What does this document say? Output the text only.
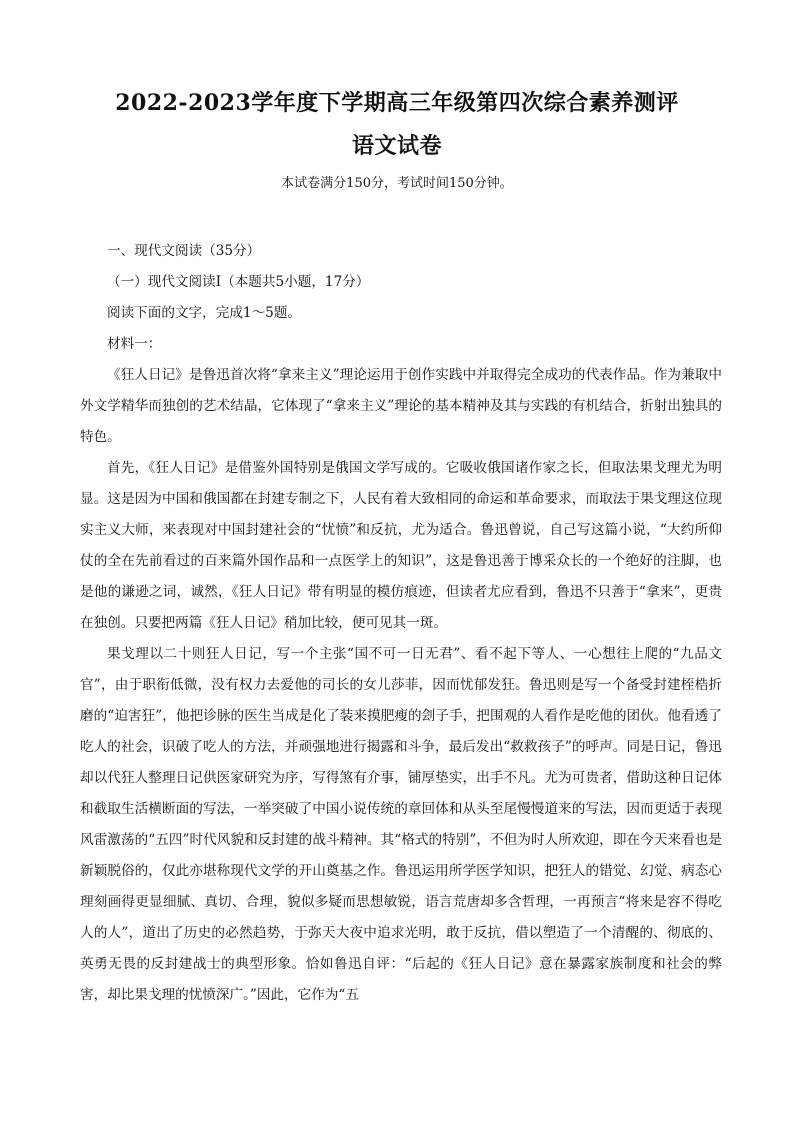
2022-2023学年度下学期高三年级第四次综合素养测评
语文试卷
本试卷满分150分，考试时间150分钟。
一、现代文阅读（35分）
（一）现代文阅读Ⅰ（本题共5小题，17分）
阅读下面的文字，完成1～5题。
材料一：

《狂人日记》是鲁迅首次将“拿来主义”理论运用于创作实践中并取得完全成功的代表作品。作为兼取中外文学精华而独创的艺术结晶，它体现了“拿来主义”理论的基本精神及其与实践的有机结合，折射出独具的特色。

首先，《狂人日记》是借鉴外国特别是俄国文学写成的。它吸收俄国诸作家之长，但取法果戈理尤为明显。这是因为中国和俄国都在封建专制之下，人民有着大致相同的命运和革命要求，而取法于果戈理这位现实主义大师，来表现对中国封建社会的“忧愤”和反抗，尤为适合。鲁迅曾说，自己写这篇小说，“大约所仰仗的全在先前看过的百来篇外国作品和一点医学上的知识”，这是鲁迅善于博采众长的一个绝好的注脚，也是他的谦逊之词，诚然，《狂人日记》带有明显的模仿痕迹，但读者尤应看到，鲁迅不只善于“拿来”，更贵在独创。只要把两篇《狂人日记》稍加比较，便可见其一斑。

果戈理以二十则狂人日记，写一个主张“国不可一日无君”、看不起下等人、一心想往上爬的“九品文官”，由于职衔低微，没有权力去爱他的司长的女儿莎菲，因而忧郁发狂。鲁迅则是写一个备受封建桎梏折磨的“迫害狂”，他把诊脉的医生当成是化了装来摸肥瘦的刽子手，把围观的人看作是吃他的团伙。他看透了吃人的社会，识破了吃人的方法，并顽强地进行揭露和斗争，最后发出“救救孩子”的呼声。同是日记，鲁迅却以代狂人整理日记供医家研究为序，写得煞有介事，铺厚垫实，出手不凡。尤为可贵者，借助这种日记体和截取生活横断面的写法，一举突破了中国小说传统的章回体和从头至尾慢慢道来的写法，因而更适于表现风雷激荡的“五四”时代风貌和反封建的战斗精神。其“格式的特别”，不但为时人所欢迎，即在今天来看也是新颖脱俗的，仅此亦堪称现代文学的开山奠基之作。鲁迅运用所学医学知识，把狂人的错觉、幻觉、病态心理刻画得更显细腻、真切、合理，貌似多疑而思想敏锐，语言荒唐却多含哲理，一再预言“将来是容不得吃人的人”，道出了历史的必然趋势，于弥天大夜中追求光明，敢于反抗，借以塑造了一个清醒的、彻底的、英勇无畏的反封建战士的典型形象。恰如鲁迅自评：“后起的《狂人日记》意在暴露家族制度和社会的弊害，却比果戈理的忧愤深广。”因此，它作为“五
